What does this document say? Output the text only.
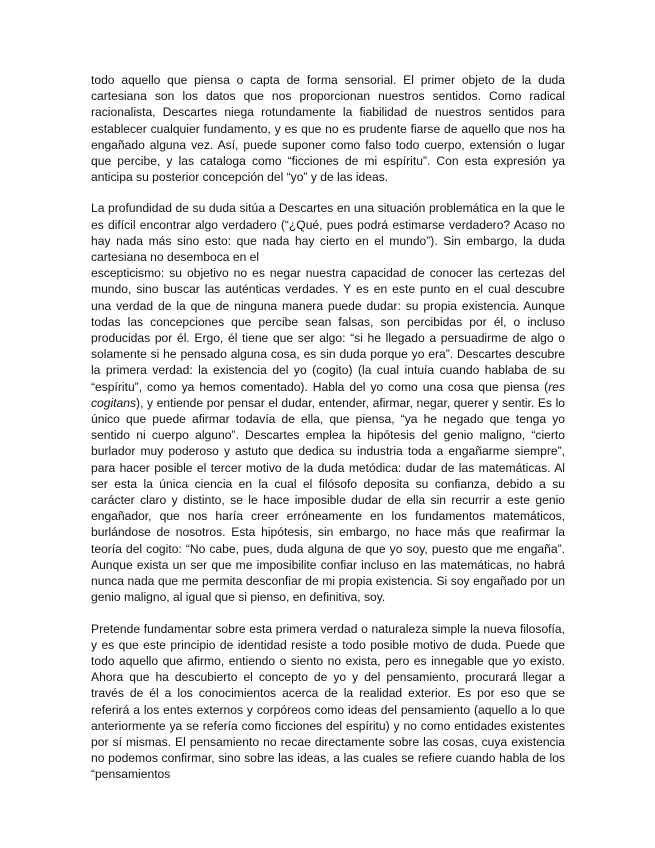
todo aquello que piensa o capta de forma sensorial. El primer objeto de la duda cartesiana son los datos que nos proporcionan nuestros sentidos. Como radical racionalista, Descartes niega rotundamente la fiabilidad de nuestros sentidos para establecer cualquier fundamento, y es que no es prudente fiarse de aquello que nos ha engañado alguna vez. Así, puede suponer como falso todo cuerpo, extensión o lugar que percibe, y las cataloga como “ficciones de mi espíritu”. Con esta expresión ya anticipa su posterior concepción del “yo” y de las ideas.

La profundidad de su duda sitúa a Descartes en una situación problemática en la que le es difícil encontrar algo verdadero (“¿Qué, pues podrá estimarse verdadero? Acaso no hay nada más sino esto: que nada hay cierto en el mundo”). Sin embargo, la duda cartesiana no desemboca en el
escepticismo: su objetivo no es negar nuestra capacidad de conocer las certezas del mundo, sino buscar las auténticas verdades. Y es en este punto en el cual descubre una verdad de la que de ninguna manera puede dudar: su propia existencia. Aunque todas las concepciones que percibe sean falsas, son percibidas por él, o incluso producidas por él. Ergo, él tiene que ser algo: “si he llegado a persuadirme de algo o solamente si he pensado alguna cosa, es sin duda porque yo era”. Descartes descubre la primera verdad: la existencia del yo (cogito) (la cual intuía cuando hablaba de su “espíritu”, como ya hemos comentado). Habla del yo como una cosa que piensa (res cogitans), y entiende por pensar el dudar, entender, afirmar, negar, querer y sentir. Es lo único que puede afirmar todavía de ella, que piensa, “ya he negado que tenga yo sentido ni cuerpo alguno”. Descartes emplea la hipótesis del genio maligno, “cierto burlador muy poderoso y astuto que dedica su industria toda a engañarme siempre”, para hacer posible el tercer motivo de la duda metódica: dudar de las matemáticas. Al ser esta la única ciencia en la cual el filósofo deposita su confianza, debido a su carácter claro y distinto, se le hace imposible dudar de ella sin recurrir a este genio engañador, que nos haría creer erróneamente en los fundamentos matemáticos, burlándose de nosotros. Esta hipótesis, sin embargo, no hace más que reafirmar la teoría del cogito: “No cabe, pues, duda alguna de que yo soy, puesto que me engaña”. Aunque exista un ser que me imposibilite confiar incluso en las matemáticas, no habrá nunca nada que me permita desconfiar de mi propia existencia. Si soy engañado por un genio maligno, al igual que si pienso, en definitiva, soy.

Pretende fundamentar sobre esta primera verdad o naturaleza simple la nueva filosofía, y es que este principio de identidad resiste a todo posible motivo de duda. Puede que todo aquello que afirmo, entiendo o siento no exista, pero es innegable que yo existo. Ahora que ha descubierto el concepto de yo y del pensamiento, procurará llegar a través de él a los conocimientos acerca de la realidad exterior. Es por eso que se referirá a los entes externos y corpóreos como ideas del pensamiento (aquello a lo que anteriormente ya se refería como ficciones del espíritu) y no como entidades existentes por sí mismas. El pensamiento no recae directamente sobre las cosas, cuya existencia no podemos confirmar, sino sobre las ideas, a las cuales se refiere cuando habla de los “pensamientos
